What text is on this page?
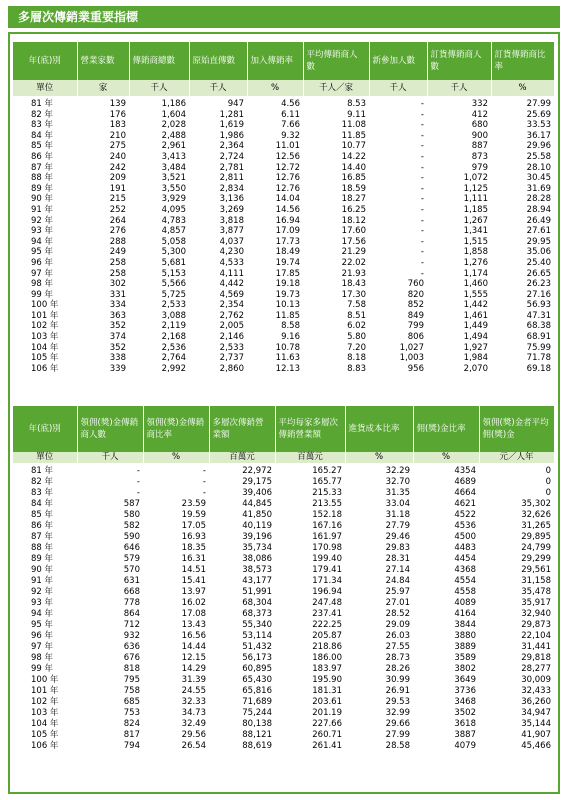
多層次傳銷業重要指標
年(底)別	營業家數	傳銷商總數	原始直傳數	加入傳銷率	平均傳銷商人數	新參加人數	訂貨傳銷商人數	訂貨傳銷商比率
單位	家	千人	千人	%	千人／家	千人	千人	%
81 年	139	1,186	947	4.56	8.53	-	332	27.99
82 年	176	1,604	1,281	6.11	9.11	-	412	25.69
83 年	183	2,028	1,619	7.66	11.08	-	680	33.53
84 年	210	2,488	1,986	9.32	11.85	-	900	36.17
85 年	275	2,961	2,364	11.01	10.77	-	887	29.96
86 年	240	3,413	2,724	12.56	14.22	-	873	25.58
87 年	242	3,484	2,781	12.72	14.40	-	979	28.10
88 年	209	3,521	2,811	12.76	16.85	-	1,072	30.45
89 年	191	3,550	2,834	12.76	18.59	-	1,125	31.69
90 年	215	3,929	3,136	14.04	18.27	-	1,111	28.28
91 年	252	4,095	3,269	14.56	16.25	-	1,185	28.94
92 年	264	4,783	3,818	16.94	18.12	-	1,267	26.49
93 年	276	4,857	3,877	17.09	17.60	-	1,341	27.61
94 年	288	5,058	4,037	17.73	17.56	-	1,515	29.95
95 年	249	5,300	4,230	18.49	21.29	-	1,858	35.06
96 年	258	5,681	4,533	19.74	22.02	-	1,276	25.40
97 年	258	5,153	4,111	17.85	21.93	-	1,174	26.65
98 年	302	5,566	4,442	19.18	18.43	760	1,460	26.23
99 年	331	5,725	4,569	19.73	17.30	820	1,555	27.16
100 年	334	2,533	2,354	10.13	7.58	852	1,442	56.93
101 年	363	3,088	2,762	11.85	8.51	849	1,461	47.31
102 年	352	2,119	2,005	8.58	6.02	799	1,449	68.38
103 年	374	2,168	2,146	9.16	5.80	806	1,494	68.91
104 年	352	2,536	2,533	10.78	7.20	1,027	1,927	75.99
105 年	338	2,764	2,737	11.63	8.18	1,003	1,984	71.78
106 年	339	2,992	2,860	12.13	8.83	956	2,070	69.18
年(底)別	領佣(獎)金傳銷商人數	領佣(獎)金傳銷商比率	多層次傳銷營業額	平均每家多層次傳銷營業額	進貨成本比率	佣(獎)金比率	領佣(獎)金者平均佣(獎)金
單位	千人	%	百萬元	百萬元	%	%	元／人年
81 年	-	-	22,972	165.27	32.29	4354	0
82 年	-	-	29,175	165.77	32.70	4689	0
83 年	-	-	39,406	215.33	31.35	4664	0
84 年	587	23.59	44,845	213.55	33.04	4621	35,302
85 年	580	19.59	41,850	152.18	31.18	4522	32,626
86 年	582	17.05	40,119	167.16	27.79	4536	31,265
87 年	590	16.93	39,196	161.97	29.46	4500	29,895
88 年	646	18.35	35,734	170.98	29.83	4483	24,799
89 年	579	16.31	38,086	199.40	28.31	4454	29,299
90 年	570	14.51	38,573	179.41	27.14	4368	29,561
91 年	631	15.41	43,177	171.34	24.84	4554	31,158
92 年	668	13.97	51,991	196.94	25.97	4558	35,478
93 年	778	16.02	68,304	247.48	27.01	4089	35,917
94 年	864	17.08	68,373	237.41	28.52	4164	32,940
95 年	712	13.43	55,340	222.25	29.09	3844	29,873
96 年	932	16.56	53,114	205.87	26.03	3880	22,104
97 年	636	14.44	51,432	218.86	27.55	3889	31,441
98 年	676	12.15	56,173	186.00	28.73	3589	29,818
99 年	818	14.29	60,895	183.97	28.26	3802	28,277
100 年	795	31.39	65,430	195.90	30.99	3649	30,009
101 年	758	24.55	65,816	181.31	26.91	3736	32,433
102 年	685	32.33	71,689	203.61	29.53	3468	36,260
103 年	753	34.73	75,244	201.19	32.99	3502	34,947
104 年	824	32.49	80,138	227.66	29.66	3618	35,144
105 年	817	29.56	88,121	260.71	27.99	3887	41,907
106 年	794	26.54	88,619	261.41	28.58	4079	45,466
